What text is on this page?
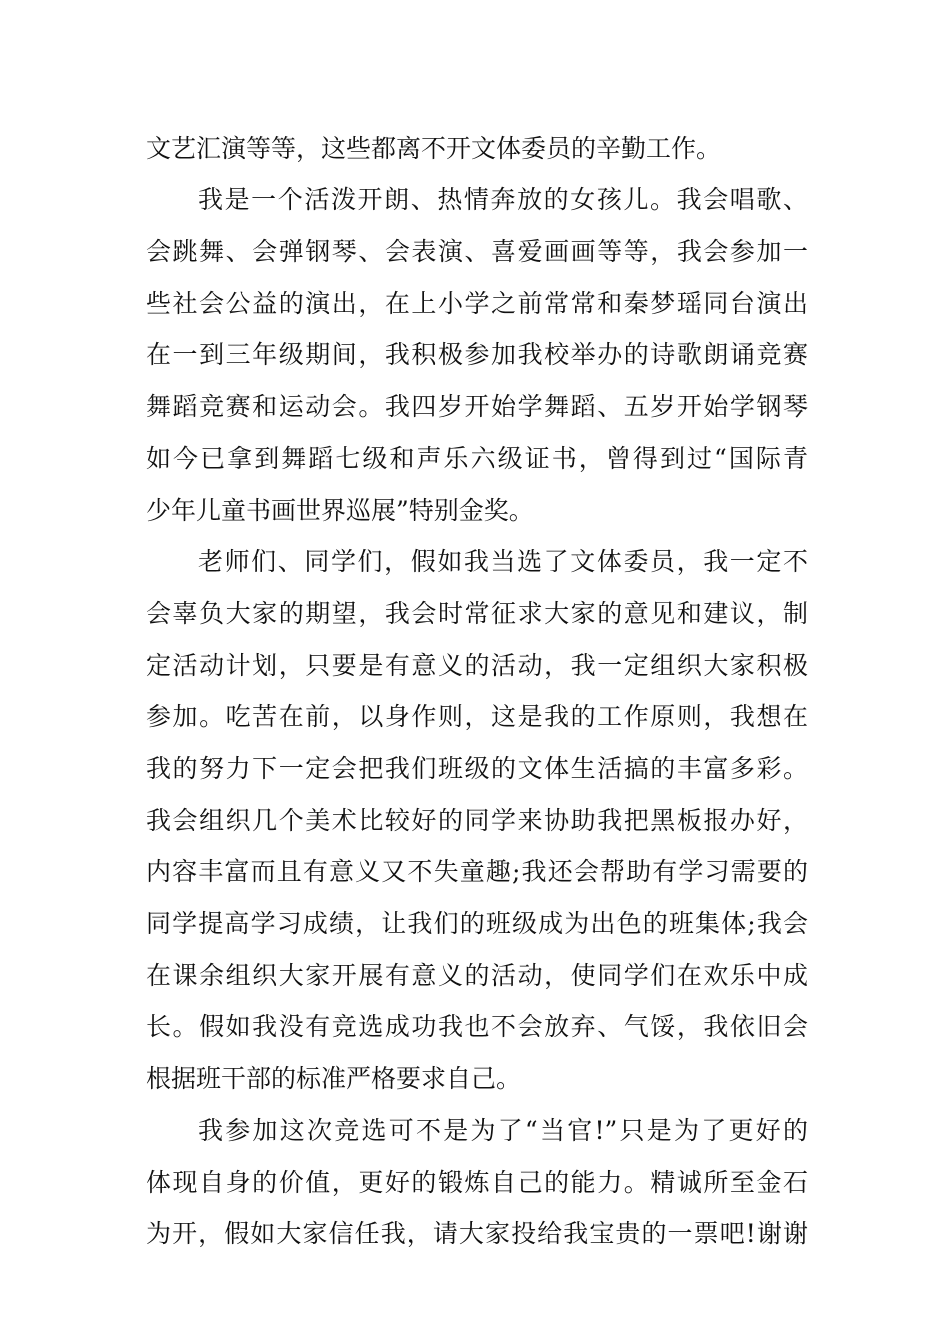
文艺汇演等等，这些都离不开文体委员的辛勤工作。
我是一个活泼开朗、热情奔放的女孩儿。我会唱歌、
会跳舞、会弹钢琴、会表演、喜爱画画等等，我会参加一
些社会公益的演出，在上小学之前常常和秦梦瑶同台演出
在一到三年级期间，我积极参加我校举办的诗歌朗诵竞赛
舞蹈竞赛和运动会。我四岁开始学舞蹈、五岁开始学钢琴
如今已拿到舞蹈七级和声乐六级证书，曾得到过“国际青
少年儿童书画世界巡展”特别金奖。
老师们、同学们，假如我当选了文体委员，我一定不
会辜负大家的期望，我会时常征求大家的意见和建议，制
定活动计划，只要是有意义的活动，我一定组织大家积极
参加。吃苦在前，以身作则，这是我的工作原则，我想在
我的努力下一定会把我们班级的文体生活搞的丰富多彩。
我会组织几个美术比较好的同学来协助我把黑板报办好，
内容丰富而且有意义又不失童趣;我还会帮助有学习需要的
同学提高学习成绩，让我们的班级成为出色的班集体;我会
在课余组织大家开展有意义的活动，使同学们在欢乐中成
长。假如我没有竞选成功我也不会放弃、气馁，我依旧会
根据班干部的标准严格要求自己。
我参加这次竞选可不是为了“当官!”只是为了更好的
体现自身的价值，更好的锻炼自己的能力。精诚所至金石
为开，假如大家信任我，请大家投给我宝贵的一票吧!谢谢
